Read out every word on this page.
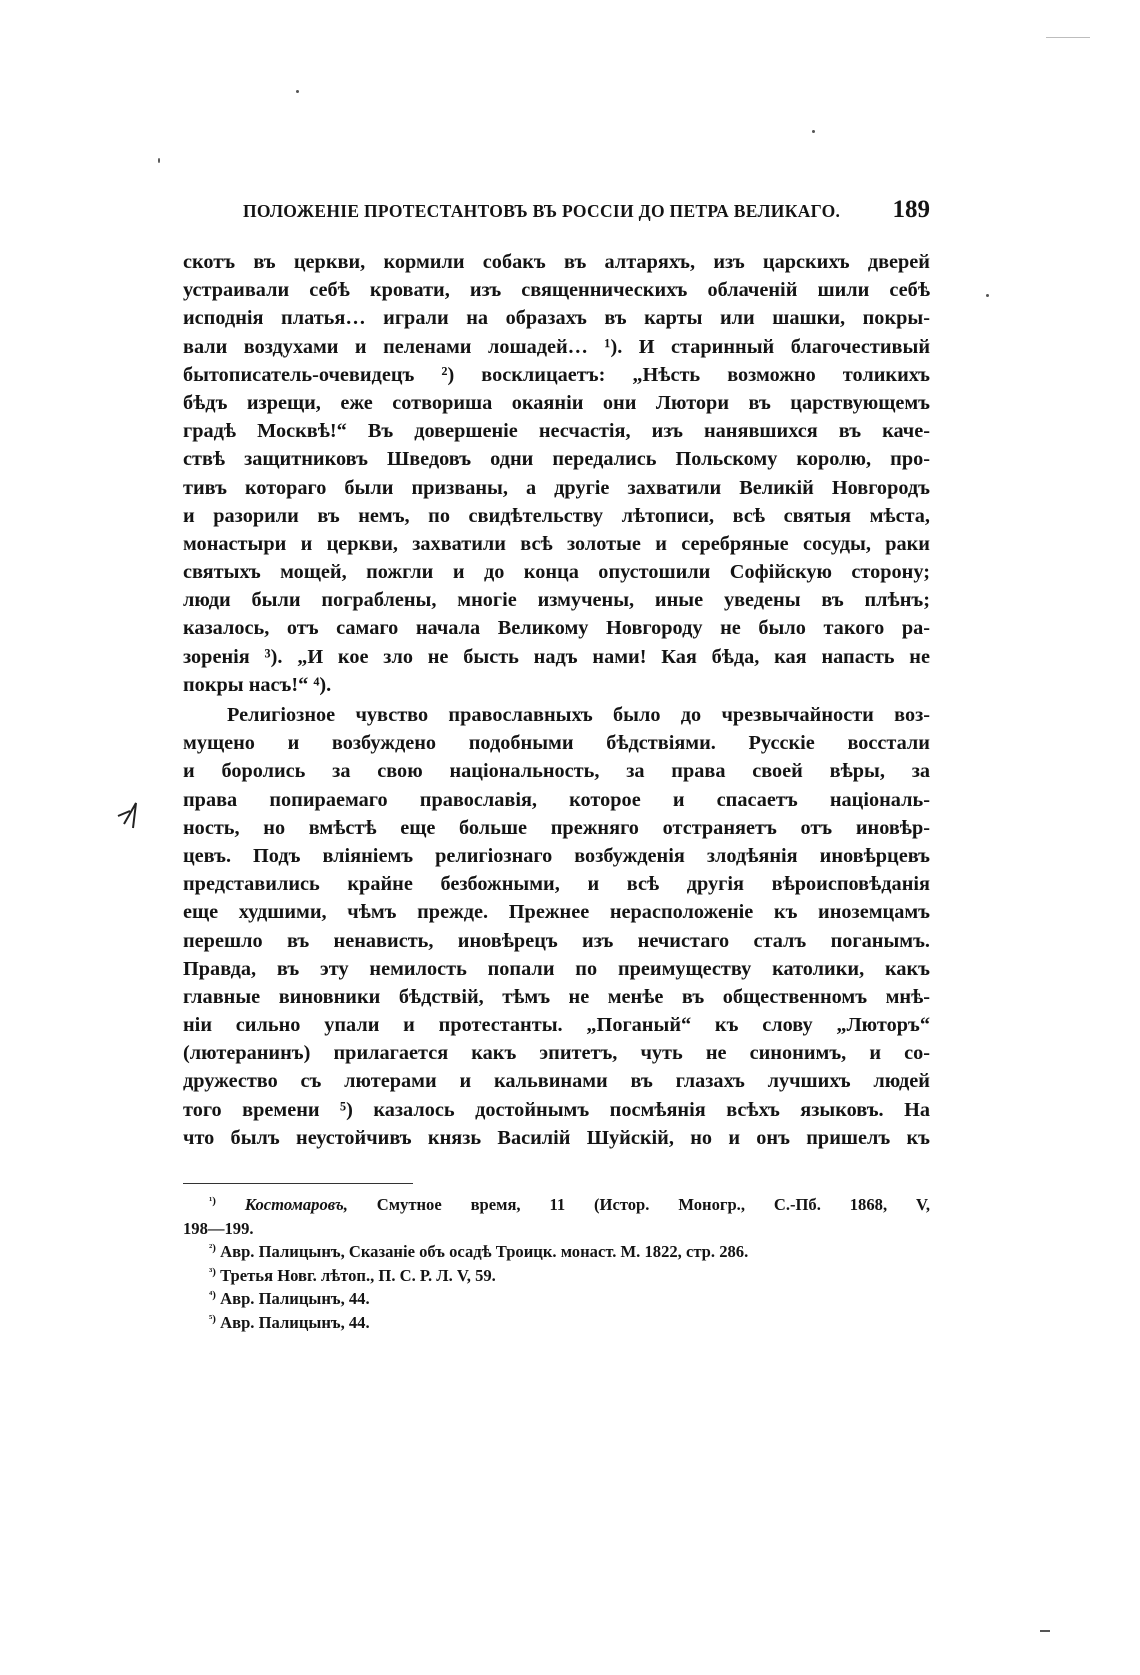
ПОЛОЖЕНІЕ ПРОТЕСТАНТОВЪ ВЪ РОССІИ ДО ПЕТРА ВЕЛИКАГО. 189
скотъ въ церкви, кормили собакъ въ алтаряхъ, изъ царскихъ дверей
устраивали себѣ кровати, изъ священническихъ облаченій шили себѣ
исподнія платья… играли на образахъ въ карты или шашки, покры-
вали воздухами и пеленами лошадей… ¹). И старинный благочестивый
бытописатель-очевидецъ ²) восклицаетъ: „Нѣсть возможно толикихъ
бѣдъ изрещи, еже сотвориша окаяніи они Лютори въ царствующемъ
градѣ Москвѣ!“ Въ довершеніе несчастія, изъ нанявшихся въ каче-
ствѣ защитниковъ Шведовъ одни передались Польскому королю, про-
тивъ котораго были призваны, а другіе захватили Великій Новгородъ
и разорили въ немъ, по свидѣтельству лѣтописи, всѣ святыя мѣста,
монастыри и церкви, захватили всѣ золотые и серебряные сосуды, раки
святыхъ мощей, пожгли и до конца опустошили Софійскую сторону;
люди были пограблены, многіе измучены, иные уведены въ плѣнъ;
казалось, отъ самаго начала Великому Новгороду не было такого ра-
зоренія ³). „И кое зло не бысть надъ нами! Кая бѣда, кая напасть не
покры насъ!“ ⁴).
Религіозное чувство православныхъ было до чрезвычайности воз-
мущено и возбуждено подобными бѣдствіями. Русскіе восстали
и боролись за свою національность, за права своей вѣры, за
права попираемаго православія, которое и спасаетъ національ-
ность, но вмѣстѣ еще больше прежняго отстраняетъ отъ иновѣр-
цевъ. Подъ вліяніемъ религіознаго возбужденія злодѣянія иновѣрцевъ
представились крайне безбожными, и всѣ другія вѣроисповѣданія
еще худшими, чѣмъ прежде. Прежнее нерасположеніе къ иноземцамъ
перешло въ ненависть, иновѣрецъ изъ нечистаго сталъ поганымъ.
Правда, въ эту немилость попали по преимуществу католики, какъ
главные виновники бѣдствій, тѣмъ не менѣе въ общественномъ мнѣ-
ніи сильно упали и протестанты. „Поганый“ къ слову „Люторъ“
(лютеранинъ) прилагается какъ эпитетъ, чуть не синонимъ, и со-
дружество съ лютерами и кальвинами въ глазахъ лучшихъ людей
того времени ⁵) казалось достойнымъ посмѣянія всѣхъ языковъ. На
что былъ неустойчивъ князь Василій Шуйскій, но и онъ пришелъ къ
$^{^1)}$ Костомаровъ, Смутное время, 11 (Истор. Моногр., С.-Пб. 1868, V,
198—199.
$^{^2)}$ Авр. Палицынъ, Сказаніе объ осадѣ Троицк. монаст. М. 1822, стр. 286.
$^{^3)}$ Третья Новг. лѣтоп., П. С. Р. Л. V, 59.
$^{^4)}$ Авр. Палицынъ, 44.
$^{^5)}$ Авр. Палицынъ, 44.
